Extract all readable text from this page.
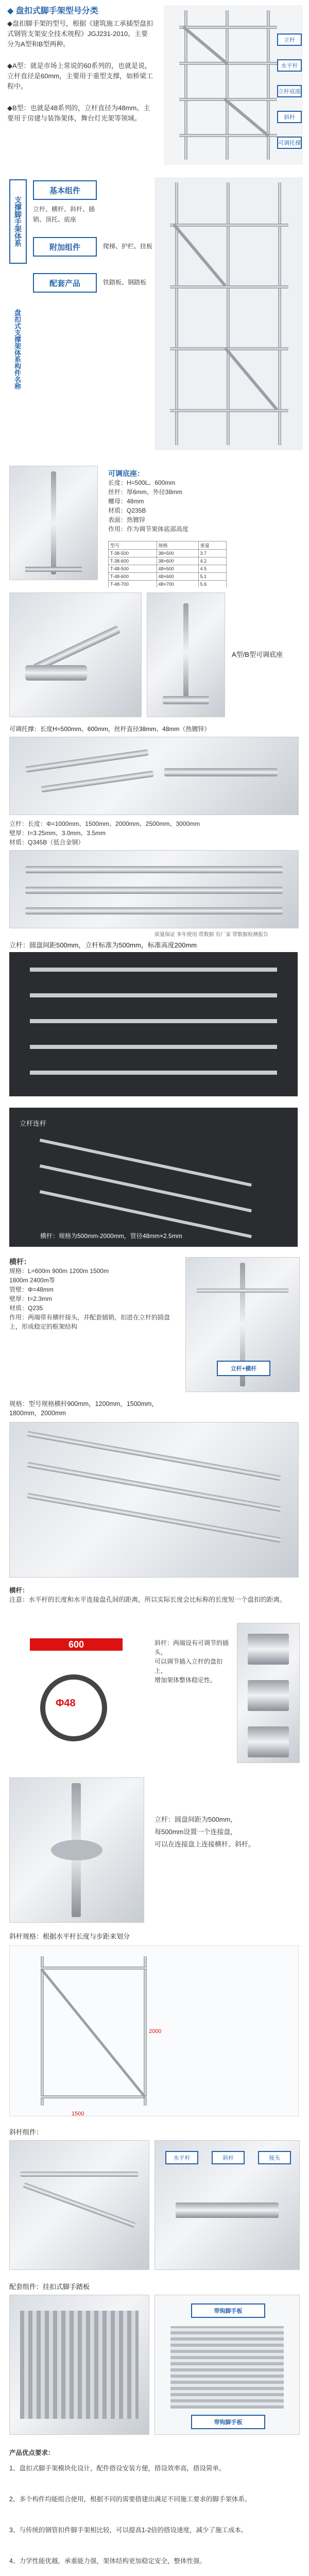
◆ 盘扣式脚手架型号分类
◆盘扣脚手架的型号，根据《建筑施工承插型盘扣式钢管支架安全技术规程》JGJ231-2010。主要分为A型和B型两种。
◆A型：就是市场上常说的60系列的，也就是说，立杆直径是60mm，主要用于重型支撑，如桥梁工程中。
◆B型：也就是48系列的，立杆直径为48mm。主要用于房建与装饰架体，舞台灯光架等领域。
立杆
水平杆
立杆底座
斜杆
可调托撑
支撑脚手架体系
基本组件
附加组件
配套产品
立杆、横杆、斜杆、插销、顶托、底座
爬梯、护栏、挂板
铁踏板、钢踏板
盘扣式支撑架体系构件名称
可调底座：
长度：H=500L、600mm
丝杆：厚6mm、外径38mm
螺母：48mm
材质：Q235B
表面：热镀锌
作用：作为调节架体底部高度
型号	规格	重量
T-38-500	38×500	3.7
T-38-600	38×600	4.2
T-48-500	48×500	4.5
T-48-600	48×600	5.1
T-48-700	48×700	5.6

A型/B型可调底座
可调托撑：长度H=500mm、600mm，丝杆直径38mm、48mm（热镀锌）
立杆：长度：Φ=1000mm、1500mm、2000mm、2500mm、3000mm
壁厚：t=3.25mm、3.0mm、3.5mm
材质：Q345B（低合金钢）
质量保证 多年使用 带数据 有厂家 带数据检测报告
立杆：圆盘间距500mm，立杆标准为500mm，标准高度200mm
立杆连杆
横杆：规格为500mm-2000mm，管径48mm×2.5mm
横杆：
规格：L=600m 900m 1200m 1500m
1800m 2400m等
管壁：Φ=48mm
壁厚：t=2.3mm
材质：Q235
作用：两端带有横杆接头，并配套插销，扣进在立杆的圆盘上，形成稳定的框架结构
立杆+横杆
规格：型号规格横杆900mm，1200mm，1500mm，
1800mm，2000mm
横杆：
注意：水平杆的长度和水平连接盘孔间的距离，所以实际长度会比标称的长度短一个盘扣的距离。
600
Φ48
斜杆：两端设有可调节的插头，
可以调节插入立杆的盘扣上，
增加架体整体稳定性。
立杆：圆盘间距为500mm，
每500mm设置一个连接盘，
可以在连接盘上连接横杆、斜杆。
斜杆规格：根据水平杆长度与步距来划分
1500
2000
斜杆组件：
水平杆	斜杆	接头
配套组件：挂扣式脚手踏板
带钩脚手板
带钩脚手板
产品优点要求：
1、盘扣式脚手架模块化设计，配件搭设安装方便，搭设效率高，搭设简单。
2、多个构件均能组合使用，根据不同的需要搭建出满足不同施工要求的脚手架体系。
3、与传统的钢管扣件脚手架相比较，可以提高1-2倍的搭设速度，减少了施工成本。
4、力学性能优越，承重能力强，架体结构更加稳定安全，整体性强。
